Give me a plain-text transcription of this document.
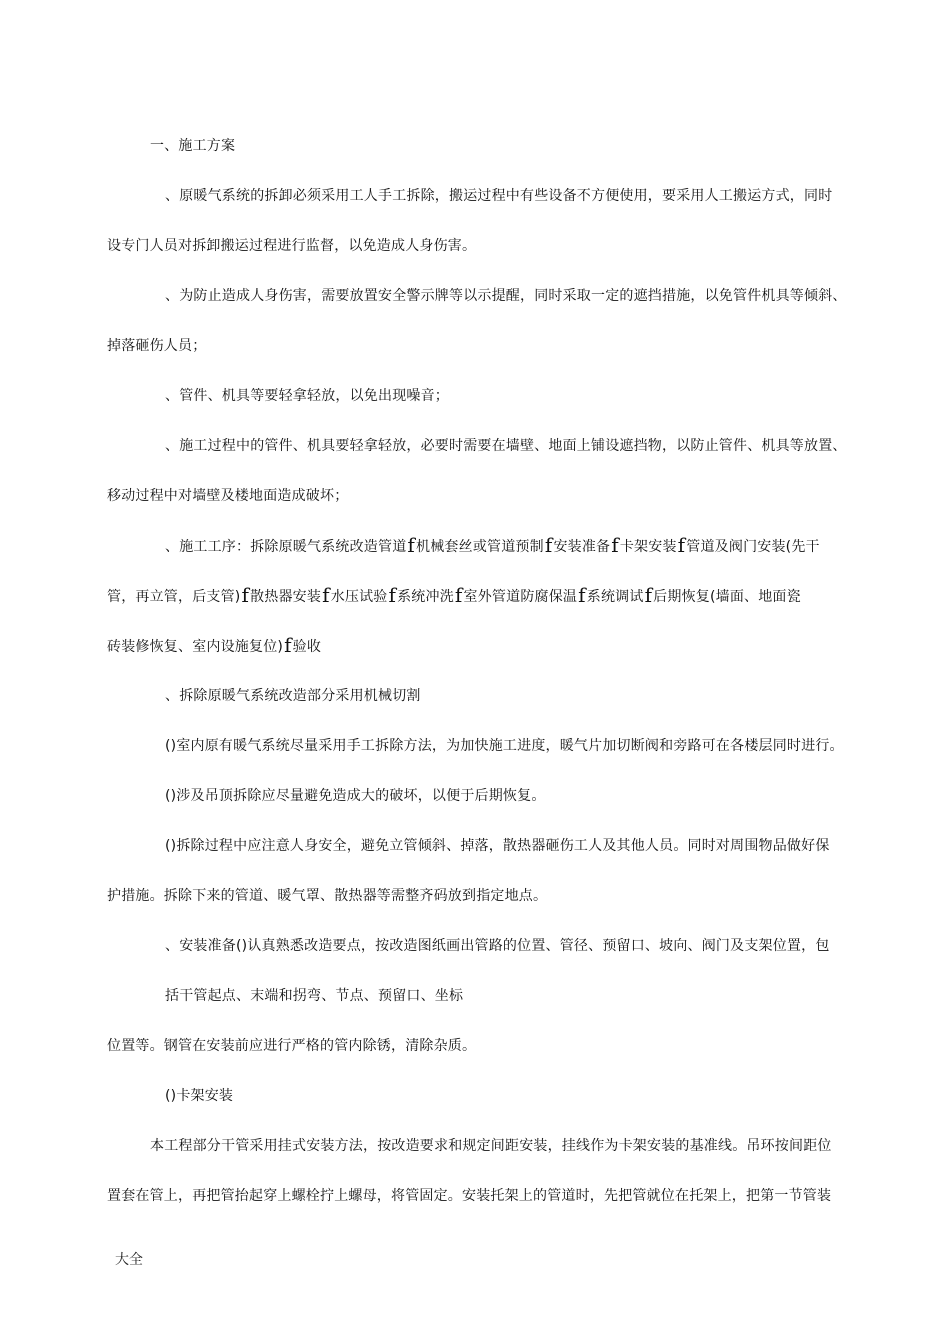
一、施工方案
、原暖气系统的拆卸必须采用工人手工拆除，搬运过程中有些设备不方便使用，要采用人工搬运方式，同时
设专门人员对拆卸搬运过程进行监督，以免造成人身伤害。
、为防止造成人身伤害，需要放置安全警示牌等以示提醒，同时采取一定的遮挡措施，以免管件机具等倾斜、
掉落砸伤人员；
、管件、机具等要轻拿轻放，以免出现噪音；
、施工过程中的管件、机具要轻拿轻放，必要时需要在墙壁、地面上铺设遮挡物，以防止管件、机具等放置、
移动过程中对墙壁及楼地面造成破坏；
、施工工序：拆除原暖气系统改造管道f机械套丝或管道预制f安装准备f卡架安装f管道及阀门安装(先干
管，再立管，后支管)f散热器安装f水压试验f系统冲洗f室外管道防腐保温f系统调试f后期恢复(墙面、地面瓷
砖装修恢复、室内设施复位)f验收
、拆除原暖气系统改造部分采用机械切割
()室内原有暖气系统尽量采用手工拆除方法，为加快施工进度，暖气片加切断阀和旁路可在各楼层同时进行。
()涉及吊顶拆除应尽量避免造成大的破坏，以便于后期恢复。
()拆除过程中应注意人身安全，避免立管倾斜、掉落，散热器砸伤工人及其他人员。同时对周围物品做好保
护措施。拆除下来的管道、暖气罩、散热器等需整齐码放到指定地点。
、安装准备()认真熟悉改造要点，按改造图纸画出管路的位置、管径、预留口、坡向、阀门及支架位置，包
括干管起点、末端和拐弯、节点、预留口、坐标
位置等。钢管在安装前应进行严格的管内除锈，清除杂质。
()卡架安装
本工程部分干管采用挂式安装方法，按改造要求和规定间距安装，挂线作为卡架安装的基准线。吊环按间距位
置套在管上，再把管抬起穿上螺栓拧上螺母，将管固定。安装托架上的管道时，先把管就位在托架上，把第一节管装
大全
